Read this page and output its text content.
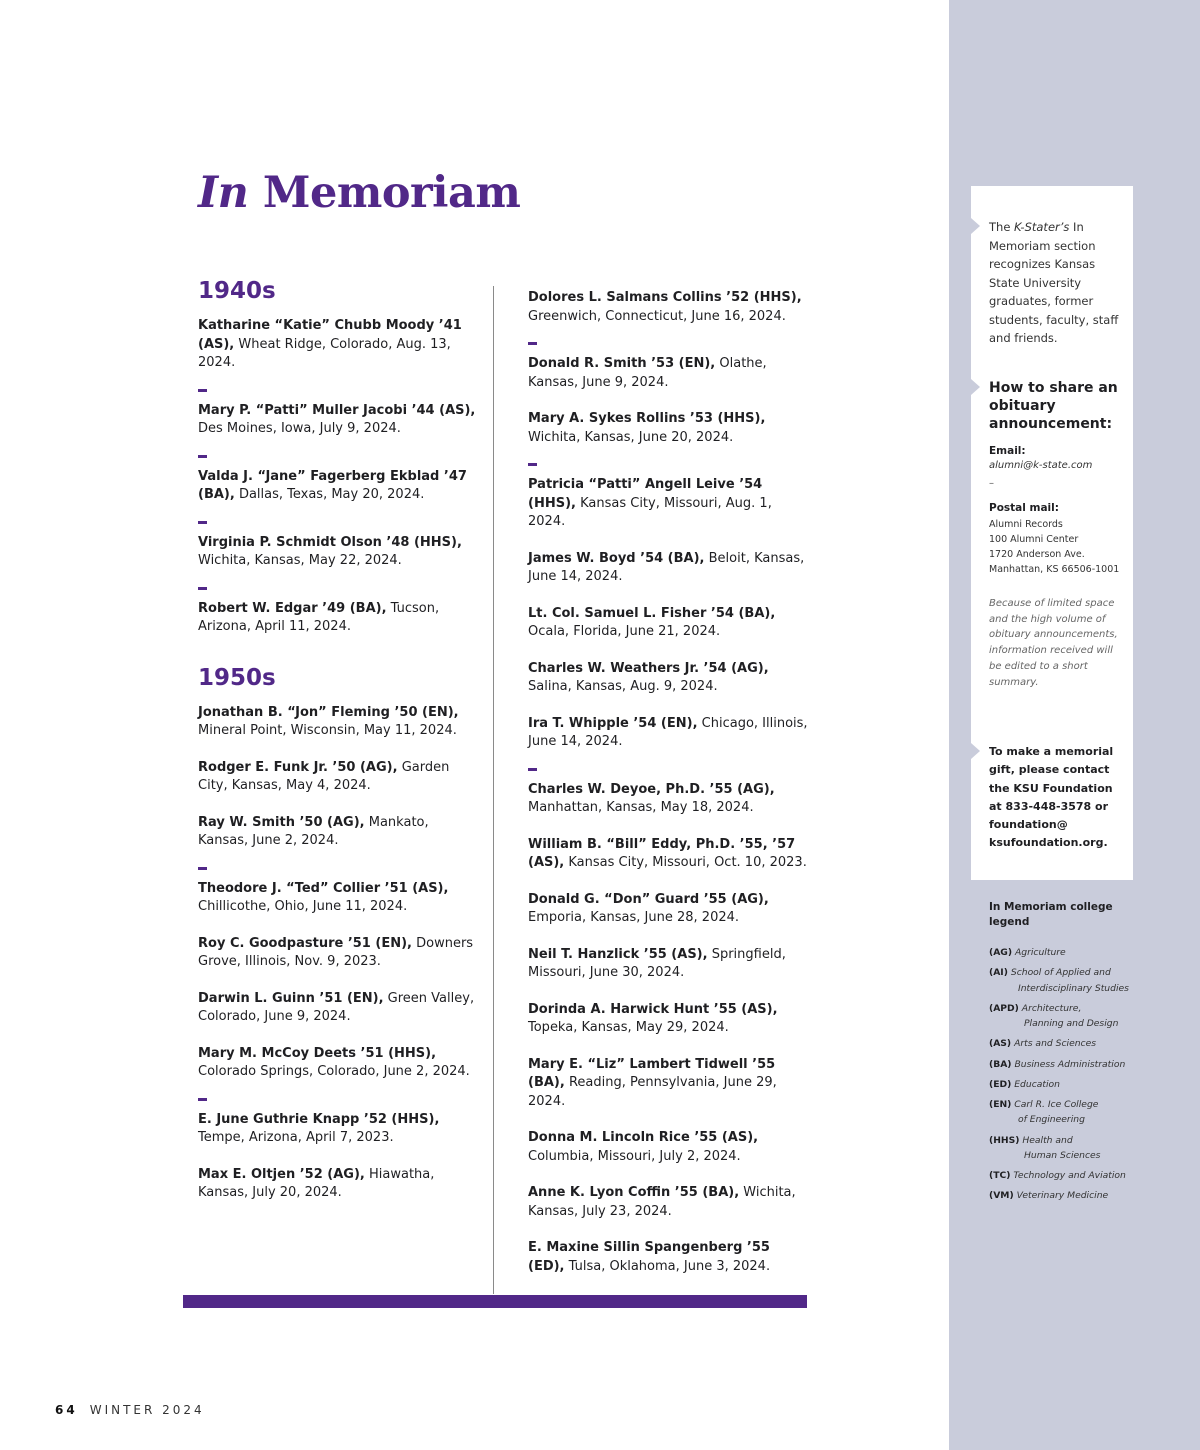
In Memoriam
1940s

Katharine “Katie” Chubb Moody ’41 (AS), Wheat Ridge, Colorado, Aug. 13, 2024.

Mary P. “Patti” Muller Jacobi ’44 (AS), Des Moines, Iowa, July 9, 2024.

Valda J. “Jane” Fagerberg Ekblad ’47 (BA), Dallas, Texas, May 20, 2024.

Virginia P. Schmidt Olson ’48 (HHS), Wichita, Kansas, May 22, 2024.

Robert W. Edgar ’49 (BA), Tucson, Arizona, April 11, 2024.

1950s

Jonathan B. “Jon” Fleming ’50 (EN), Mineral Point, Wisconsin, May 11, 2024.

Rodger E. Funk Jr. ’50 (AG), Garden City, Kansas, May 4, 2024.

Ray W. Smith ’50 (AG), Mankato, Kansas, June 2, 2024.

Theodore J. “Ted” Collier ’51 (AS), Chillicothe, Ohio, June 11, 2024.

Roy C. Goodpasture ’51 (EN), Downers Grove, Illinois, Nov. 9, 2023.

Darwin L. Guinn ’51 (EN), Green Valley, Colorado, June 9, 2024.

Mary M. McCoy Deets ’51 (HHS), Colorado Springs, Colorado, June 2, 2024.

E. June Guthrie Knapp ’52 (HHS), Tempe, Arizona, April 7, 2023.

Max E. Oltjen ’52 (AG), Hiawatha, Kansas, July 20, 2024.

Dolores L. Salmans Collins ’52 (HHS), Greenwich, Connecticut, June 16, 2024.

Donald R. Smith ’53 (EN), Olathe, Kansas, June 9, 2024.

Mary A. Sykes Rollins ’53 (HHS), Wichita, Kansas, June 20, 2024.

Patricia “Patti” Angell Leive ’54 (HHS), Kansas City, Missouri, Aug. 1, 2024.

James W. Boyd ’54 (BA), Beloit, Kansas, June 14, 2024.

Lt. Col. Samuel L. Fisher ’54 (BA), Ocala, Florida, June 21, 2024.

Charles W. Weathers Jr. ’54 (AG), Salina, Kansas, Aug. 9, 2024.

Ira T. Whipple ’54 (EN), Chicago, Illinois, June 14, 2024.

Charles W. Deyoe, Ph.D. ’55 (AG), Manhattan, Kansas, May 18, 2024.

William B. “Bill” Eddy, Ph.D. ’55, ’57 (AS), Kansas City, Missouri, Oct. 10, 2023.

Donald G. “Don” Guard ’55 (AG), Emporia, Kansas, June 28, 2024.

Neil T. Hanzlick ’55 (AS), Springfield, Missouri, June 30, 2024.

Dorinda A. Harwick Hunt ’55 (AS), Topeka, Kansas, May 29, 2024.

Mary E. “Liz” Lambert Tidwell ’55 (BA), Reading, Pennsylvania, June 29, 2024.

Donna M. Lincoln Rice ’55 (AS), Columbia, Missouri, July 2, 2024.

Anne K. Lyon Coffin ’55 (BA), Wichita, Kansas, July 23, 2024.

E. Maxine Sillin Spangenberg ’55 (ED), Tulsa, Oklahoma, June 3, 2024.

The K-Stater’s In Memoriam section recognizes Kansas State University graduates, former students, faculty, staff and friends.
How to share an obituary announcement:
Email:
alumni@k-state.com
–
Postal mail:
Alumni Records
100 Alumni Center
1720 Anderson Ave.
Manhattan, KS 66506-1001
Because of limited space and the high volume of obituary announcements, information received will be edited to a short summary.
To make a memorial gift, please contact the KSU Foundation at 833-448-3578 or foundation@ ksufoundation.org.
In Memoriam college legend
(AG) Agriculture
(AI) School of Applied and
Interdisciplinary Studies
(APD) Architecture,
Planning and Design
(AS) Arts and Sciences
(BA) Business Administration
(ED) Education
(EN) Carl R. Ice College
of Engineering
(HHS) Health and
Human Sciences
(TC) Technology and Aviation
(VM) Veterinary Medicine
64 WINTER 2024
